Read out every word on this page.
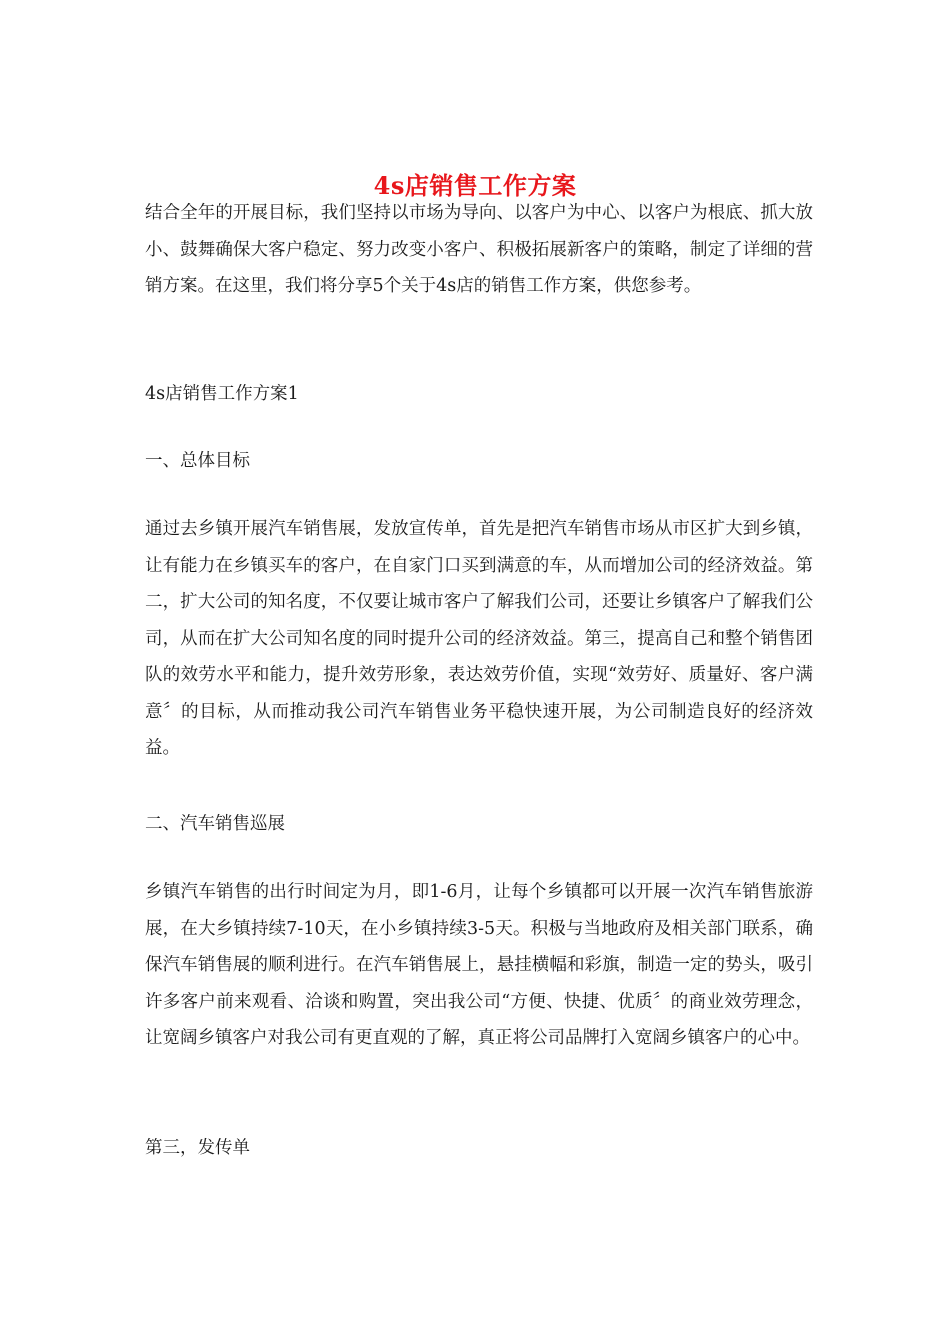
4s店销售工作方案

结合全年的开展目标，我们坚持以市场为导向、以客户为中心、以客户为根底、抓大放小、鼓舞确保大客户稳定、努力改变小客户、积极拓展新客户的策略，制定了详细的营销方案。在这里，我们将分享5个关于4s店的销售工作方案，供您参考。

4s店销售工作方案1

一、总体目标

通过去乡镇开展汽车销售展，发放宣传单，首先是把汽车销售市场从市区扩大到乡镇，让有能力在乡镇买车的客户，在自家门口买到满意的车，从而增加公司的经济效益。第二，扩大公司的知名度，不仅要让城市客户了解我们公司，还要让乡镇客户了解我们公司，从而在扩大公司知名度的同时提升公司的经济效益。第三，提高自己和整个销售团队的效劳水平和能力，提升效劳形象，表达效劳价值，实现“效劳好、质量好、客户满意〞的目标，从而推动我公司汽车销售业务平稳快速开展，为公司制造良好的经济效益。

二、汽车销售巡展

乡镇汽车销售的出行时间定为月，即1-6月，让每个乡镇都可以开展一次汽车销售旅游展，在大乡镇持续7-10天，在小乡镇持续3-5天。积极与当地政府及相关部门联系，确保汽车销售展的顺利进行。在汽车销售展上，悬挂横幅和彩旗，制造一定的势头，吸引许多客户前来观看、洽谈和购置，突出我公司“方便、快捷、优质〞的商业效劳理念，让宽阔乡镇客户对我公司有更直观的了解，真正将公司品牌打入宽阔乡镇客户的心中。

第三，发传单
